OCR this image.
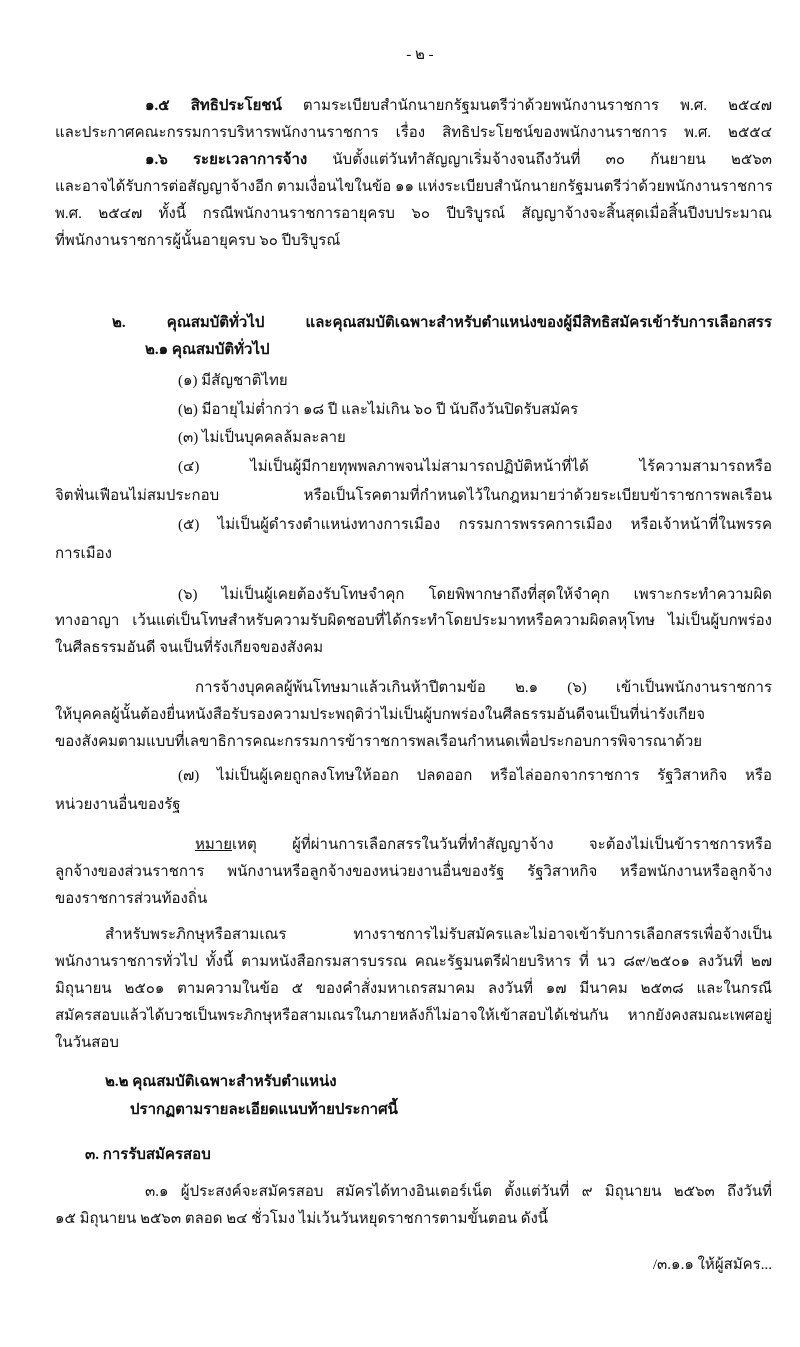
- ๒ -
๑.๕ สิทธิประโยชน์ ตามระเบียบสำนักนายกรัฐมนตรีว่าด้วยพนักงานราชการ พ.ศ. ๒๕๔๗
และประกาศคณะกรรมการบริหารพนักงานราชการ เรื่อง สิทธิประโยชน์ของพนักงานราชการ พ.ศ. ๒๕๕๔
๑.๖ ระยะเวลาการจ้าง นับตั้งแต่วันทำสัญญาเริ่มจ้างจนถึงวันที่ ๓๐ กันยายน ๒๕๖๓
และอาจได้รับการต่อสัญญาจ้างอีก ตามเงื่อนไขในข้อ ๑๑ แห่งระเบียบสำนักนายกรัฐมนตรีว่าด้วยพนักงานราชการ
พ.ศ. ๒๕๔๗ ทั้งนี้ กรณีพนักงานราชการอายุครบ ๖๐ ปีบริบูรณ์ สัญญาจ้างจะสิ้นสุดเมื่อสิ้นปีงบประมาณ
ที่พนักงานราชการผู้นั้นอายุครบ ๖๐ ปีบริบูรณ์
๒. คุณสมบัติทั่วไป และคุณสมบัติเฉพาะสำหรับตำแหน่งของผู้มีสิทธิสมัครเข้ารับการเลือกสรร
๒.๑ คุณสมบัติทั่วไป
(๑) มีสัญชาติไทย
(๒) มีอายุไม่ต่ำกว่า ๑๘ ปี และไม่เกิน ๖๐ ปี นับถึงวันปิดรับสมัคร
(๓) ไม่เป็นบุคคลล้มละลาย
(๔) ไม่เป็นผู้มีกายทุพพลภาพจนไม่สามารถปฏิบัติหน้าที่ได้ ไร้ความสามารถหรือ
จิตฟั่นเฟือนไม่สมประกอบ หรือเป็นโรคตามที่กำหนดไว้ในกฎหมายว่าด้วยระเบียบข้าราชการพลเรือน
(๕) ไม่เป็นผู้ดำรงตำแหน่งทางการเมือง กรรมการพรรคการเมือง หรือเจ้าหน้าที่ในพรรค
การเมือง
(๖) ไม่เป็นผู้เคยต้องรับโทษจำคุก โดยพิพากษาถึงที่สุดให้จำคุก เพราะกระทำความผิด
ทางอาญา เว้นแต่เป็นโทษสำหรับความรับผิดชอบที่ได้กระทำโดยประมาทหรือความผิดลหุโทษ ไม่เป็นผู้บกพร่อง
ในศีลธรรมอันดี จนเป็นที่รังเกียจของสังคม
การจ้างบุคคลผู้พ้นโทษมาแล้วเกินห้าปีตามข้อ ๒.๑ (๖) เข้าเป็นพนักงานราชการ
ให้บุคคลผู้นั้นต้องยื่นหนังสือรับรองความประพฤติว่าไม่เป็นผู้บกพร่องในศีลธรรมอันดีจนเป็นที่น่ารังเกียจ
ของสังคมตามแบบที่เลขาธิการคณะกรรมการข้าราชการพลเรือนกำหนดเพื่อประกอบการพิจารณาด้วย
(๗) ไม่เป็นผู้เคยถูกลงโทษให้ออก ปลดออก หรือไล่ออกจากราชการ รัฐวิสาหกิจ หรือ
หน่วยงานอื่นของรัฐ
หมายเหตุ ผู้ที่ผ่านการเลือกสรรในวันที่ทำสัญญาจ้าง จะต้องไม่เป็นข้าราชการหรือ
ลูกจ้างของส่วนราชการ พนักงานหรือลูกจ้างของหน่วยงานอื่นของรัฐ รัฐวิสาหกิจ หรือพนักงานหรือลูกจ้าง
ของราชการส่วนท้องถิ่น
สำหรับพระภิกษุหรือสามเณร ทางราชการไม่รับสมัครและไม่อาจเข้ารับการเลือกสรรเพื่อจ้างเป็น
พนักงานราชการทั่วไป ทั้งนี้ ตามหนังสือกรมสารบรรณ คณะรัฐมนตรีฝ่ายบริหาร ที่ นว ๘๙/๒๕๐๑ ลงวันที่ ๒๗
มิถุนายน ๒๕๐๑ ตามความในข้อ ๕ ของคำสั่งมหาเถรสมาคม ลงวันที่ ๑๗ มีนาคม ๒๕๓๘ และในกรณี
สมัครสอบแล้วได้บวชเป็นพระภิกษุหรือสามเณรในภายหลังก็ไม่อาจให้เข้าสอบได้เช่นกัน หากยังคงสมณะเพศอยู่
ในวันสอบ
๒.๒ คุณสมบัติเฉพาะสำหรับตำแหน่ง
ปรากฏตามรายละเอียดแนบท้ายประกาศนี้
๓. การรับสมัครสอบ
๓.๑ ผู้ประสงค์จะสมัครสอบ สมัครได้ทางอินเตอร์เน็ต ตั้งแต่วันที่ ๙ มิถุนายน ๒๕๖๓ ถึงวันที่
๑๕ มิถุนายน ๒๕๖๓ ตลอด ๒๔ ชั่วโมง ไม่เว้นวันหยุดราชการตามขั้นตอน ดังนี้
/๓.๑.๑ ให้ผู้สมัคร...
